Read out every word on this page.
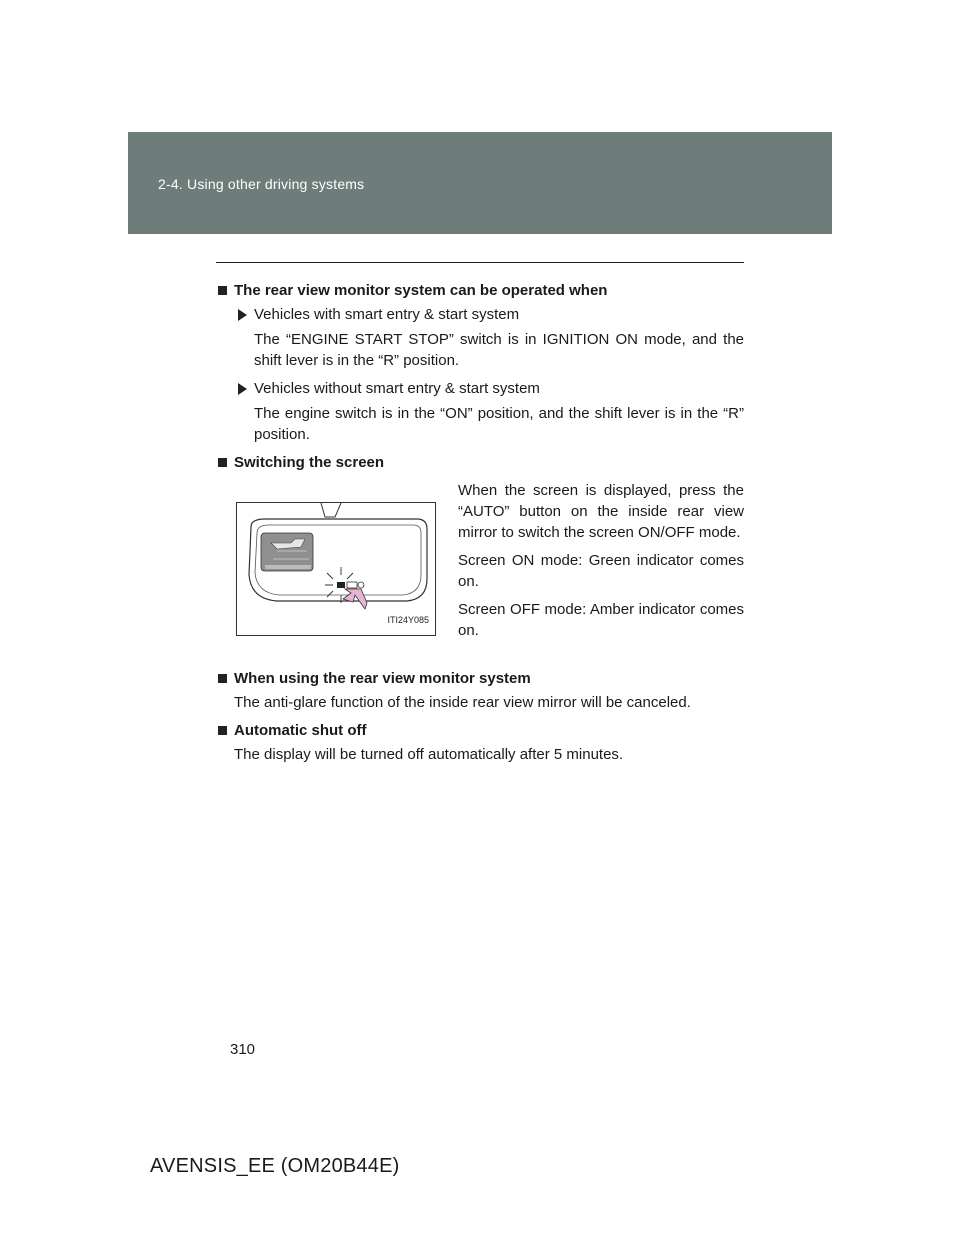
2-4. Using other driving systems
The rear view monitor system can be operated when
Vehicles with smart entry & start system

The “ENGINE START STOP” switch is in IGNITION ON mode, and the shift lever is in the “R” position.

Vehicles without smart entry & start system

The engine switch is in the “ON” position, and the shift lever is in the “R” position.

Switching the screen
ITI24Y085

When the screen is displayed, press the “AUTO” button on the inside rear view mirror to switch the screen ON/OFF mode.

Screen ON mode: Green indicator comes on.

Screen OFF mode: Amber indicator comes on.

When using the rear view monitor system

The anti-glare function of the inside rear view mirror will be canceled.

Automatic shut off

The display will be turned off automatically after 5 minutes.

310
AVENSIS_EE (OM20B44E)
